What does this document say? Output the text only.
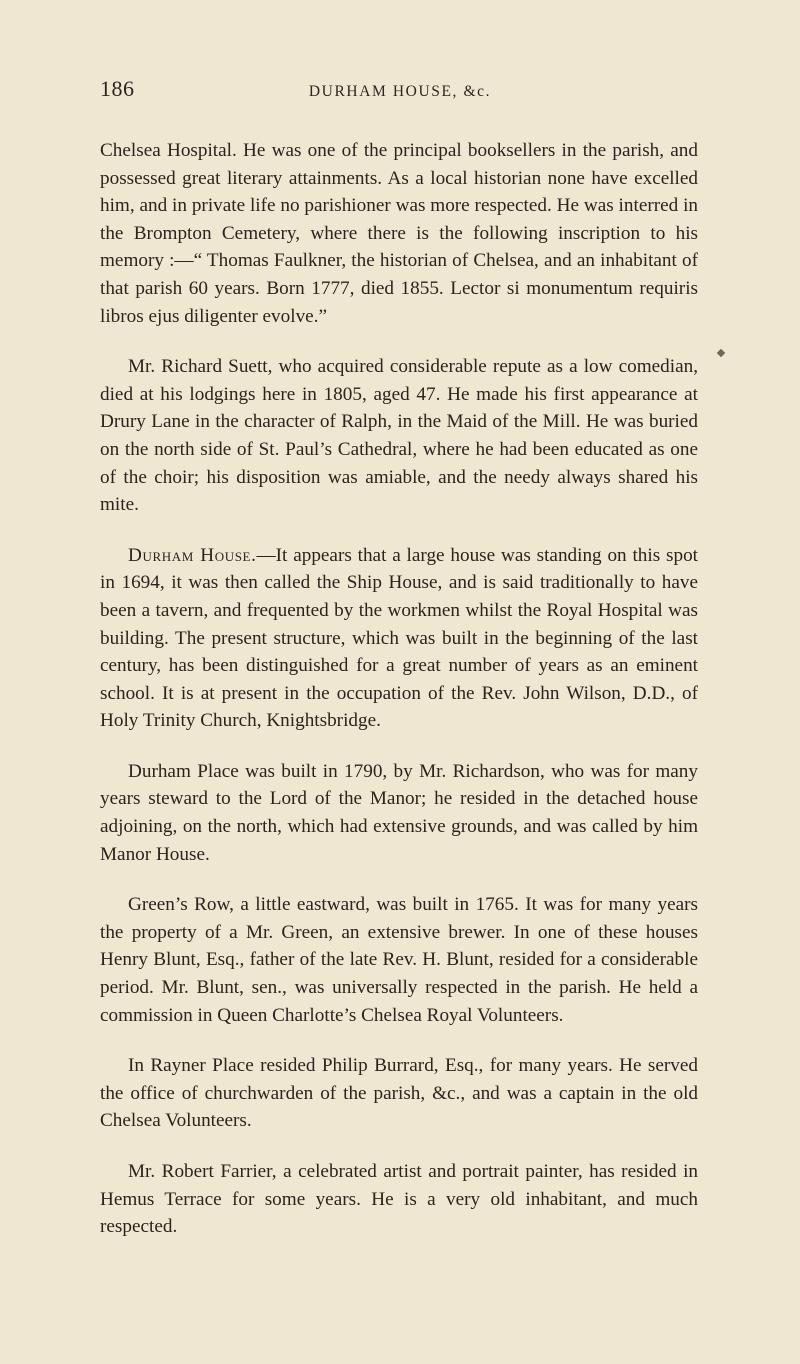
186	DURHAM HOUSE, &c.

Chelsea Hospital. He was one of the principal booksellers in the parish, and possessed great literary attainments. As a local historian none have excelled him, and in private life no parishioner was more respected. He was interred in the Brompton Cemetery, where there is the following inscription to his memory :—“ Thomas Faulkner, the historian of Chelsea, and an inhabitant of that parish 60 years. Born 1777, died 1855. Lector si monumentum requiris libros ejus diligenter evolve.”

Mr. Richard Suett, who acquired considerable repute as a low comedian, died at his lodgings here in 1805, aged 47. He made his first appearance at Drury Lane in the character of Ralph, in the Maid of the Mill. He was buried on the north side of St. Paul’s Cathedral, where he had been educated as one of the choir; his disposition was amiable, and the needy always shared his mite.

Durham House.—It appears that a large house was standing on this spot in 1694, it was then called the Ship House, and is said traditionally to have been a tavern, and frequented by the workmen whilst the Royal Hospital was building. The present structure, which was built in the beginning of the last century, has been distinguished for a great number of years as an eminent school. It is at present in the occupation of the Rev. John Wilson, D.D., of Holy Trinity Church, Knightsbridge.

Durham Place was built in 1790, by Mr. Richardson, who was for many years steward to the Lord of the Manor; he resided in the detached house adjoining, on the north, which had extensive grounds, and was called by him Manor House.

Green’s Row, a little eastward, was built in 1765. It was for many years the property of a Mr. Green, an extensive brewer. In one of these houses Henry Blunt, Esq., father of the late Rev. H. Blunt, resided for a considerable period. Mr. Blunt, sen., was universally respected in the parish. He held a commission in Queen Charlotte’s Chelsea Royal Volunteers.

In Rayner Place resided Philip Burrard, Esq., for many years. He served the office of churchwarden of the parish, &c., and was a captain in the old Chelsea Volunteers.

Mr. Robert Farrier, a celebrated artist and portrait painter, has resided in Hemus Terrace for some years. He is a very old inhabitant, and much respected.
